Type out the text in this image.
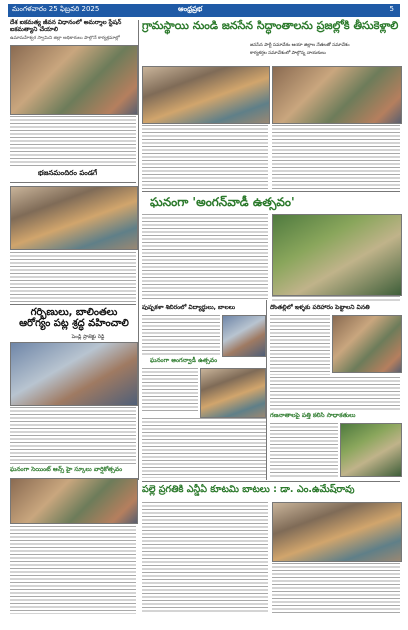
మంగళవారం 25 ఫిబ్రవరి 2025	ఆంధ్రప్రభ	5
దేశ ఐకమత్య జీవన విధానంలో అమర్శాల స్టేషన్ ఐకమత్యాని చేయాలి
ఉమామహేశ్వర స్వామిని జిల్లా అధికారులు పాల్గొనే కార్యక్రమాల్లో
భజనమందిరం పండగే
గర్భిణులు, బాలింతలు ఆరోగ్యం పట్ల శ్రద్ధ వహించాలి
పెండ్లి ప్రాజెక్టు రెడ్డి
ఘనంగా సెయింట్ ఆన్స్ హై స్కూలు వార్షికోత్సవం
గ్రామస్థాయి నుండి జనసేన సిద్ధాంతాలను ప్రజల్లోకి తీసుకెళ్లాలి
జనసేన పార్టీ సమావేశం ఆయా జిల్లాల నేతలతో సమావేశం
కార్యకర్తల సమావేశంలో పాల్గొన్న నాయకులు
ఘనంగా 'అంగన్‌వాడీ ఉత్సవం'
పుష్పకళా శిబిరంలో విద్యార్థులు, బాలలు
ఘనంగా అంగన్వాడీ ఉత్సవం
దొంతల్లిలో ఇళ్ళకు పరిహారం పెట్టాలని వినతి
గణనాతాలపై పత్తి కలిసి సాధాకతులు
పల్లె ప్రగతికి ఎన్డీఏ కూటమి బాటలు : డా. ఎం.ఉమేష్‌రావు
